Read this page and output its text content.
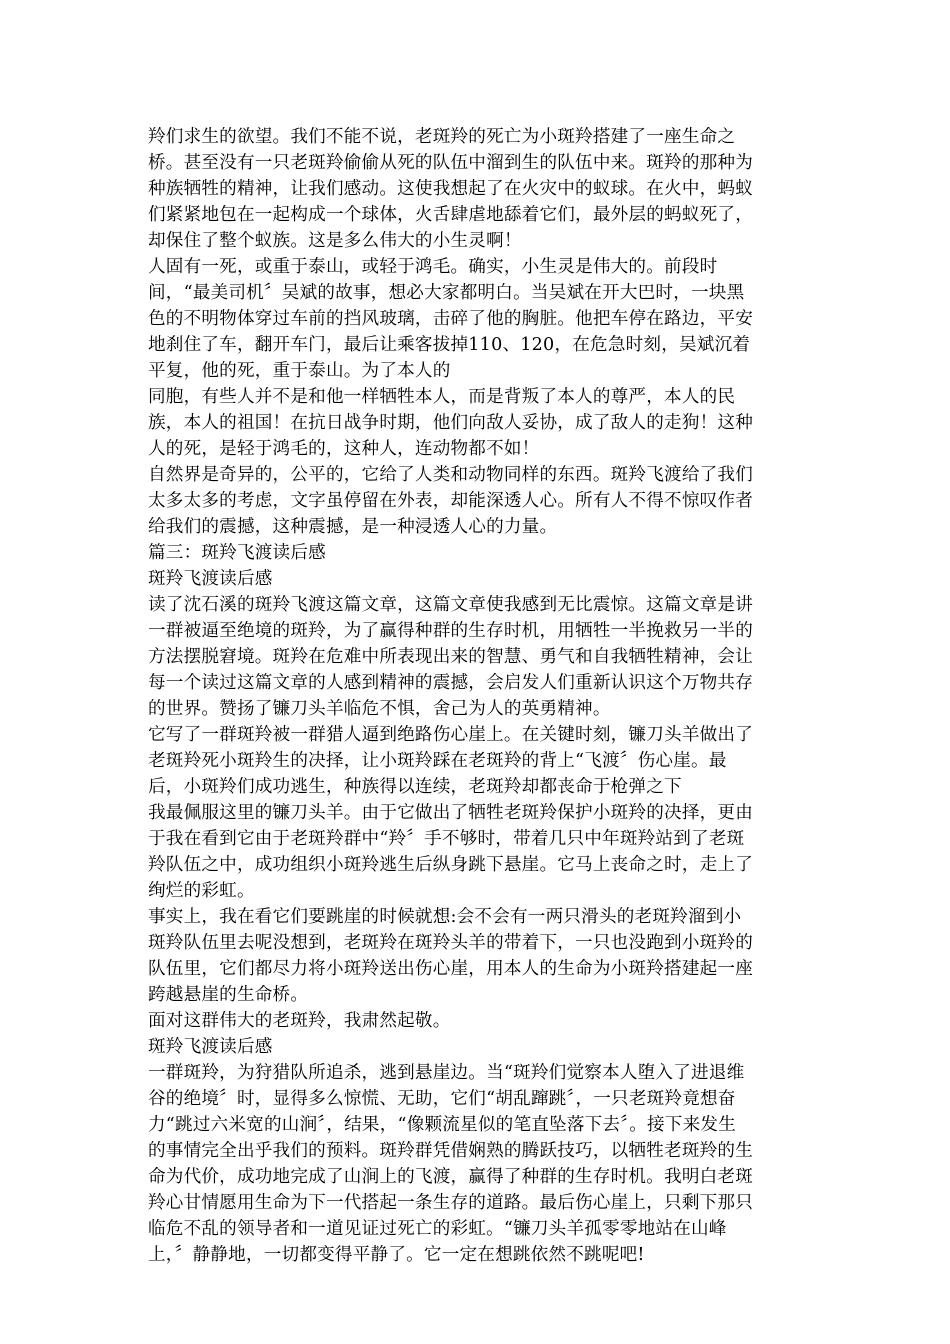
羚们求生的欲望。我们不能不说，老斑羚的死亡为小斑羚搭建了一座生命之
桥。甚至没有一只老斑羚偷偷从死的队伍中溜到生的队伍中来。斑羚的那种为
种族牺牲的精神，让我们感动。这使我想起了在火灾中的蚁球。在火中，蚂蚁
们紧紧地包在一起构成一个球体，火舌肆虐地舔着它们，最外层的蚂蚁死了，
却保住了整个蚁族。这是多么伟大的小生灵啊！
人固有一死，或重于泰山，或轻于鸿毛。确实，小生灵是伟大的。前段时
间，“最美司机〞吴斌的故事，想必大家都明白。当吴斌在开大巴时，一块黑
色的不明物体穿过车前的挡风玻璃，击碎了他的胸脏。他把车停在路边，平安
地刹住了车，翻开车门，最后让乘客拔掉110、120，在危急时刻，吴斌沉着
平复，他的死，重于泰山。为了本人的
同胞，有些人并不是和他一样牺牲本人，而是背叛了本人的尊严，本人的民
族，本人的祖国！在抗日战争时期，他们向敌人妥协，成了敌人的走狗！这种
人的死，是轻于鸿毛的，这种人，连动物都不如！
自然界是奇异的，公平的，它给了人类和动物同样的东西。斑羚飞渡给了我们
太多太多的考虑，文字虽停留在外表，却能深透人心。所有人不得不惊叹作者
给我们的震撼，这种震撼，是一种浸透人心的力量。
篇三：斑羚飞渡读后感
斑羚飞渡读后感
读了沈石溪的斑羚飞渡这篇文章，这篇文章使我感到无比震惊。这篇文章是讲
一群被逼至绝境的斑羚，为了赢得种群的生存时机，用牺牲一半挽救另一半的
方法摆脱窘境。斑羚在危难中所表现出来的智慧、勇气和自我牺牲精神，会让
每一个读过这篇文章的人感到精神的震撼，会启发人们重新认识这个万物共存
的世界。赞扬了镰刀头羊临危不惧，舍己为人的英勇精神。
它写了一群斑羚被一群猎人逼到绝路伤心崖上。在关键时刻，镰刀头羊做出了
老斑羚死小斑羚生的决择，让小斑羚踩在老斑羚的背上“飞渡〞伤心崖。最
后，小斑羚们成功逃生，种族得以连续，老斑羚却都丧命于枪弹之下
我最佩服这里的镰刀头羊。由于它做出了牺牲老斑羚保护小斑羚的决择，更由
于我在看到它由于老斑羚群中“羚〞手不够时，带着几只中年斑羚站到了老斑
羚队伍之中，成功组织小斑羚逃生后纵身跳下悬崖。它马上丧命之时，走上了
绚烂的彩虹。
事实上，我在看它们要跳崖的时候就想:会不会有一两只滑头的老斑羚溜到小
斑羚队伍里去呢没想到，老斑羚在斑羚头羊的带着下，一只也没跑到小斑羚的
队伍里，它们都尽力将小斑羚送出伤心崖，用本人的生命为小斑羚搭建起一座
跨越悬崖的生命桥。
面对这群伟大的老斑羚，我肃然起敬。
斑羚飞渡读后感
一群斑羚，为狩猎队所追杀，逃到悬崖边。当“斑羚们觉察本人堕入了进退维
谷的绝境〞时，显得多么惊慌、无助，它们“胡乱蹿跳〞，一只老斑羚竟想奋
力“跳过六米宽的山涧〞，结果，“像颗流星似的笔直坠落下去〞。接下来发生
的事情完全出乎我们的预料。斑羚群凭借娴熟的腾跃技巧，以牺牲老斑羚的生
命为代价，成功地完成了山涧上的飞渡，赢得了种群的生存时机。我明白老斑
羚心甘情愿用生命为下一代搭起一条生存的道路。最后伤心崖上，只剩下那只
临危不乱的领导者和一道见证过死亡的彩虹。“镰刀头羊孤零零地站在山峰
上，〞静静地，一切都变得平静了。它一定在想跳依然不跳呢吧!
